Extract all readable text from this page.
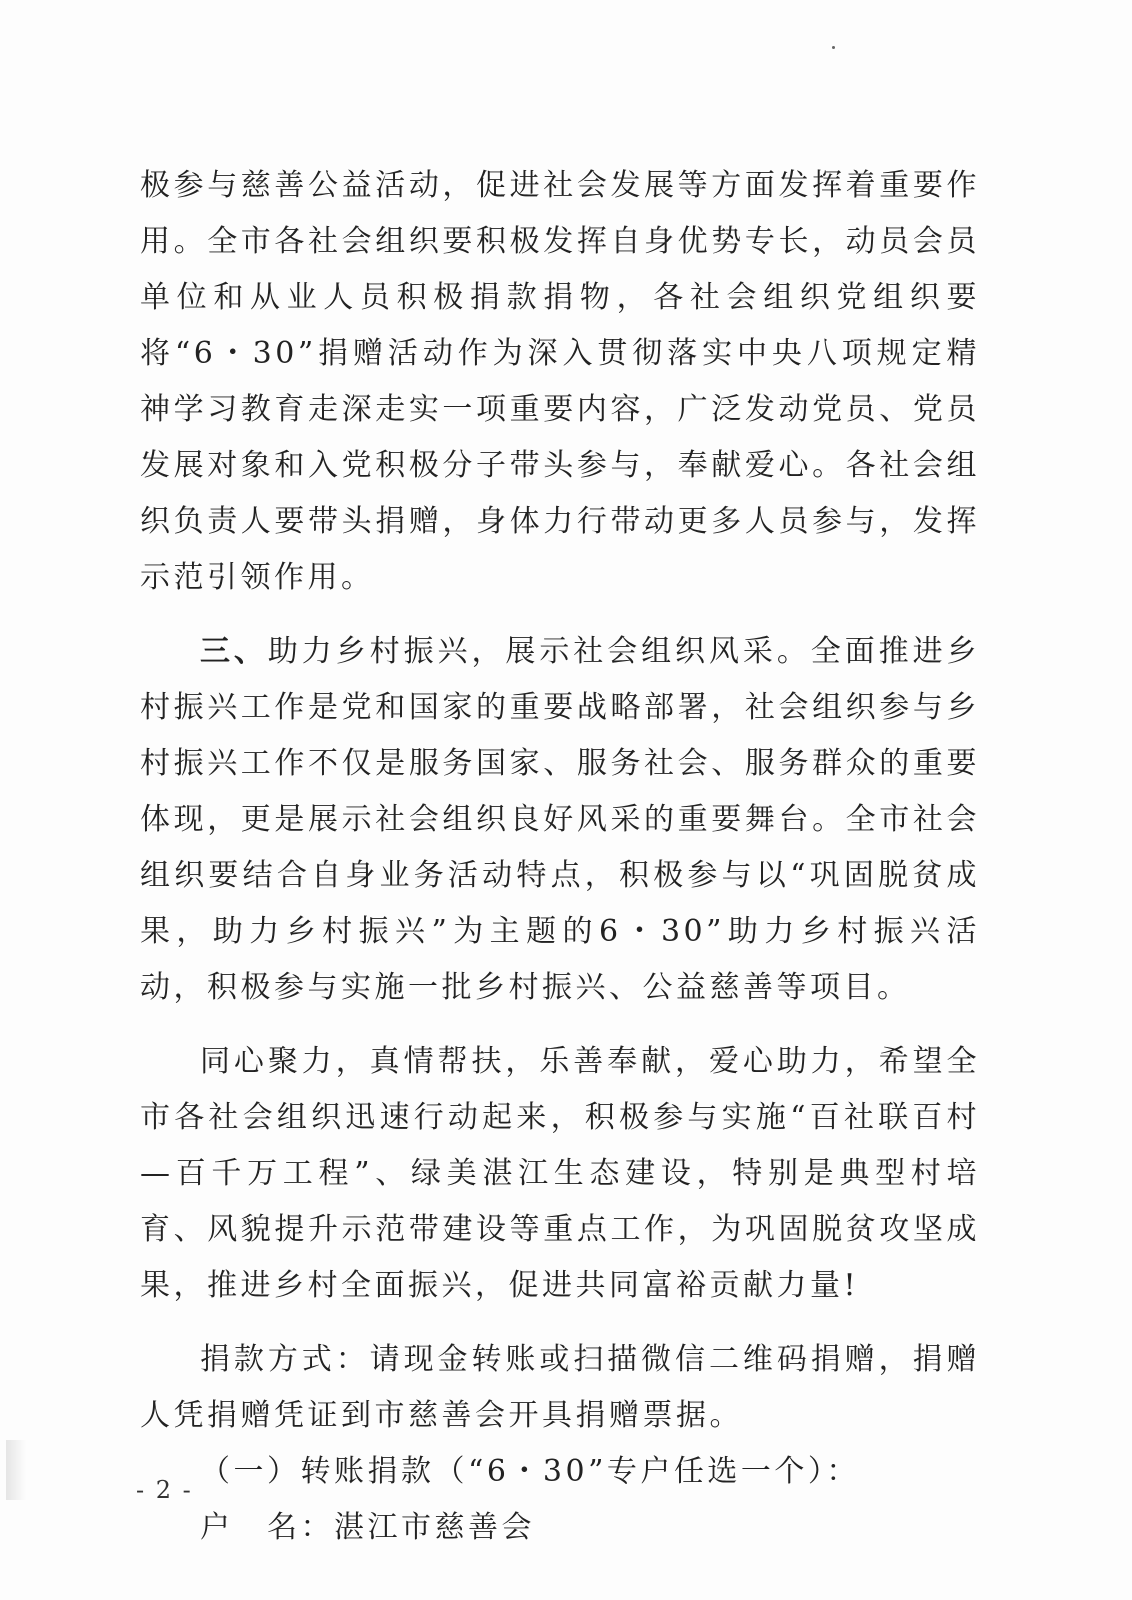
极参与慈善公益活动，促进社会发展等方面发挥着重要作用。全市各社会组织要积极发挥自身优势专长，动员会员单位和从业人员积极捐款捐物，各社会组织党组织要将“6・30”捐赠活动作为深入贯彻落实中央八项规定精神学习教育走深走实一项重要内容，广泛发动党员、党员发展对象和入党积极分子带头参与，奉献爱心。各社会组织负责人要带头捐赠，身体力行带动更多人员参与，发挥示范引领作用。

三、助力乡村振兴，展示社会组织风采。全面推进乡村振兴工作是党和国家的重要战略部署，社会组织参与乡村振兴工作不仅是服务国家、服务社会、服务群众的重要体现，更是展示社会组织良好风采的重要舞台。全市社会组织要结合自身业务活动特点，积极参与以“巩固脱贫成果，助力乡村振兴”为主题的6・30”助力乡村振兴活动，积极参与实施一批乡村振兴、公益慈善等项目。

同心聚力，真情帮扶，乐善奉献，爱心助力，希望全市各社会组织迅速行动起来，积极参与实施“百社联百村—百千万工程”、绿美湛江生态建设，特别是典型村培育、风貌提升示范带建设等重点工作，为巩固脱贫攻坚成果，推进乡村全面振兴，促进共同富裕贡献力量!

捐款方式：请现金转账或扫描微信二维码捐赠，捐赠人凭捐赠凭证到市慈善会开具捐赠票据。

（一）转账捐款（“6・30”专户任选一个）：

户　名：湛江市慈善会

- 2 -
